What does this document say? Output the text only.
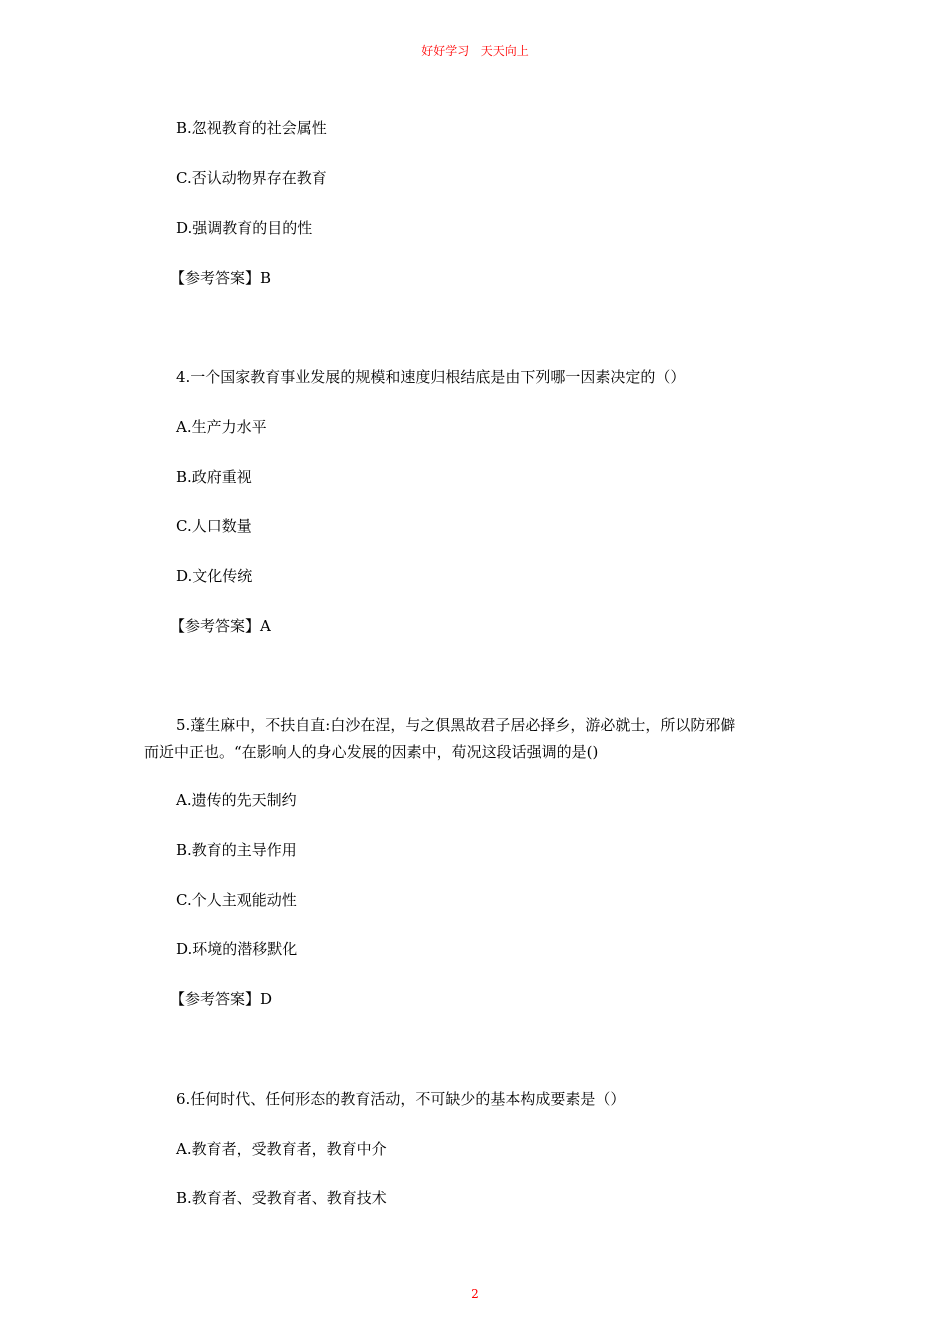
好好学习   天天向上
B.忽视教育的社会属性
C.否认动物界存在教育
D.强调教育的目的性
【参考答案】B
4.一个国家教育事业发展的规模和速度归根结底是由下列哪一因素决定的（）
A.生产力水平
B.政府重视
C.人口数量
D.文化传统
【参考答案】A
5.蓬生麻中，不扶自直:白沙在涅，与之俱黑故君子居必择乡，游必就士，所以防邪僻
而近中正也。“在影响人的身心发展的因素中，荀况这段话强调的是()
A.遗传的先天制约
B.教育的主导作用
C.个人主观能动性
D.环境的潜移默化
【参考答案】D
6.任何时代、任何形态的教育活动，不可缺少的基本构成要素是（）
A.教育者，受教育者，教育中介
B.教育者、受教育者、教育技术
2
